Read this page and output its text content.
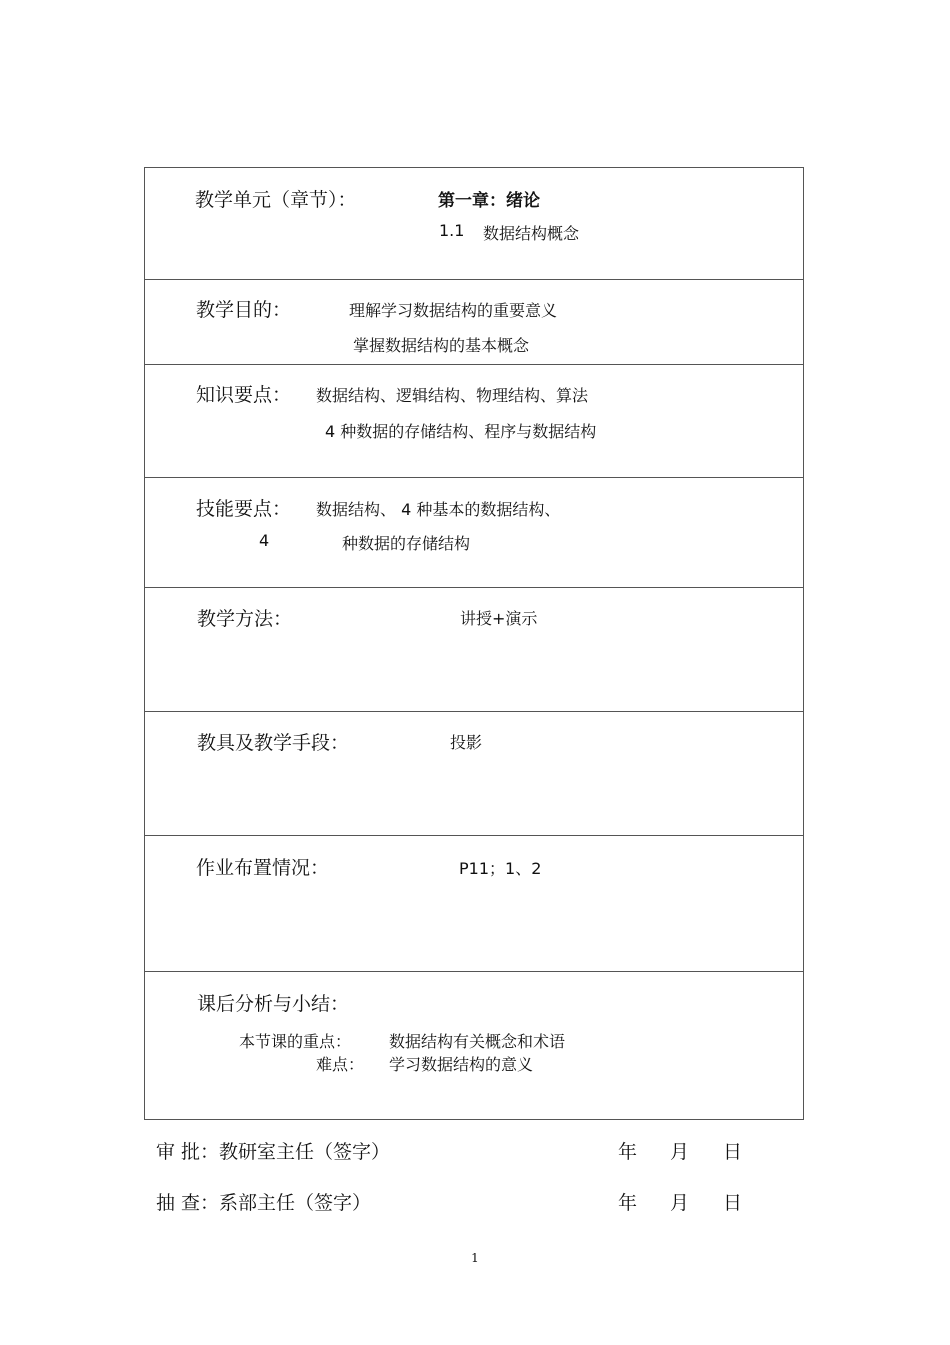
教学单元（章节）：	第一章：绪论
1.1 数据结构概念
教学目的：	理解学习数据结构的重要意义
掌握数据结构的基本概念
知识要点： 数据结构、逻辑结构、物理结构、算法
4 种数据的存储结构、程序与数据结构
技能要点： 数据结构、 4 种基本的数据结构、
4	种数据的存储结构
教学方法：	讲授+演示
教具及教学手段：	投影
作业布置情况：	P11；1、2
课后分析与小结：
本节课的重点： 数据结构有关概念和术语
难点： 学习数据结构的意义
审 批：教研室主任（签字）	年 月 日
抽 查：系部主任（签字）	年 月 日
1
